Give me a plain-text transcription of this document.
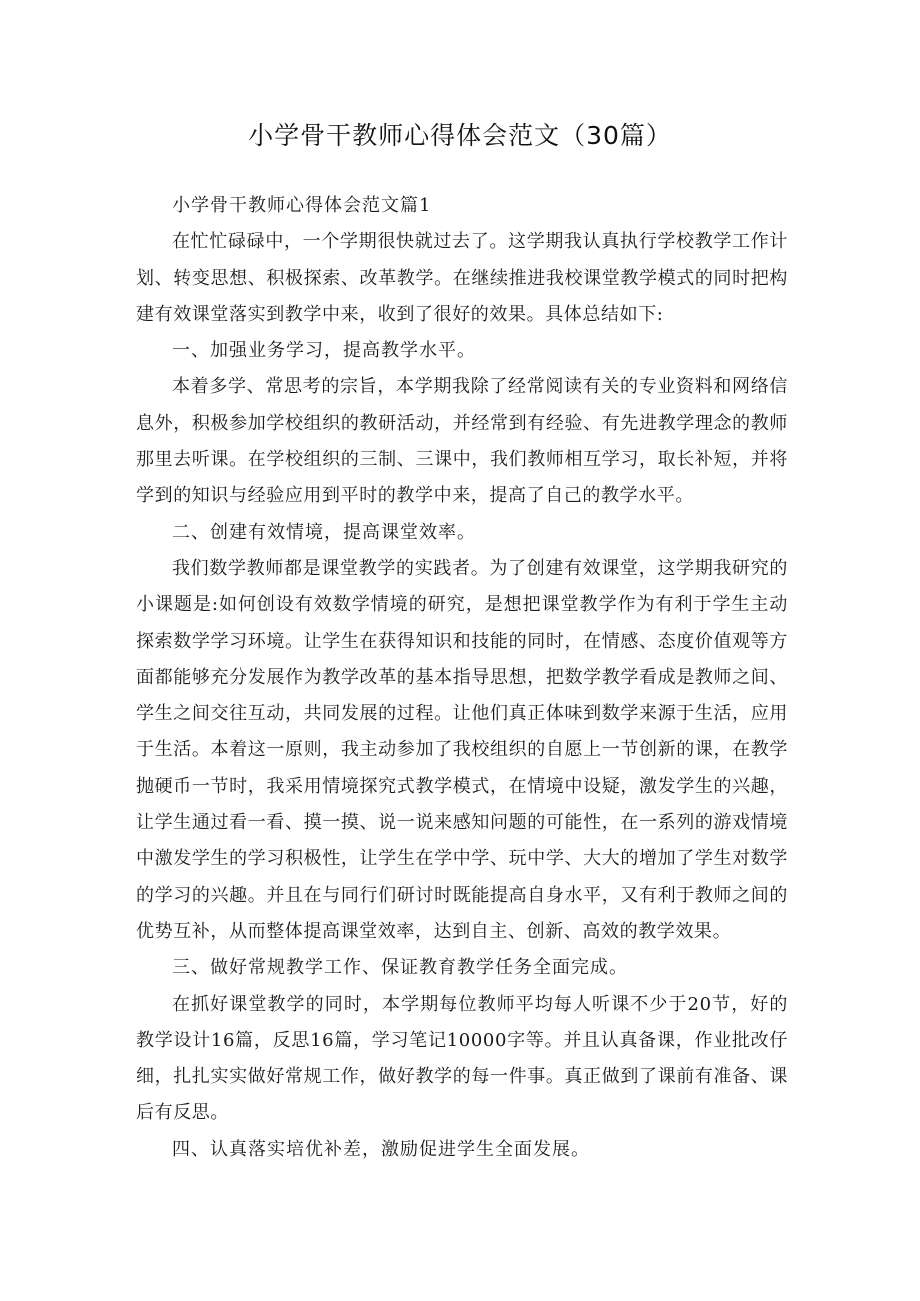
小学骨干教师心得体会范文（30篇）

小学骨干教师心得体会范文篇1

在忙忙碌碌中，一个学期很快就过去了。这学期我认真执行学校教学工作计划、转变思想、积极探索、改革教学。在继续推进我校课堂教学模式的同时把构建有效课堂落实到教学中来，收到了很好的效果。具体总结如下:

一、加强业务学习，提高教学水平。

本着多学、常思考的宗旨，本学期我除了经常阅读有关的专业资料和网络信息外，积极参加学校组织的教研活动，并经常到有经验、有先进教学理念的教师那里去听课。在学校组织的三制、三课中，我们教师相互学习，取长补短，并将学到的知识与经验应用到平时的教学中来，提高了自己的教学水平。

二、创建有效情境，提高课堂效率。

我们数学教师都是课堂教学的实践者。为了创建有效课堂，这学期我研究的小课题是:如何创设有效数学情境的研究，是想把课堂教学作为有利于学生主动探索数学学习环境。让学生在获得知识和技能的同时，在情感、态度价值观等方面都能够充分发展作为教学改革的基本指导思想，把数学教学看成是教师之间、学生之间交往互动，共同发展的过程。让他们真正体味到数学来源于生活，应用于生活。本着这一原则，我主动参加了我校组织的自愿上一节创新的课，在教学抛硬币一节时，我采用情境探究式教学模式，在情境中设疑，激发学生的兴趣，让学生通过看一看、摸一摸、说一说来感知问题的可能性，在一系列的游戏情境中激发学生的学习积极性，让学生在学中学、玩中学、大大的增加了学生对数学的学习的兴趣。并且在与同行们研讨时既能提高自身水平，又有利于教师之间的优势互补，从而整体提高课堂效率，达到自主、创新、高效的教学效果。

三、做好常规教学工作、保证教育教学任务全面完成。

在抓好课堂教学的同时，本学期每位教师平均每人听课不少于20节，好的教学设计16篇，反思16篇，学习笔记10000字等。并且认真备课，作业批改仔细，扎扎实实做好常规工作，做好教学的每一件事。真正做到了课前有准备、课后有反思。

四、认真落实培优补差，激励促进学生全面发展。
